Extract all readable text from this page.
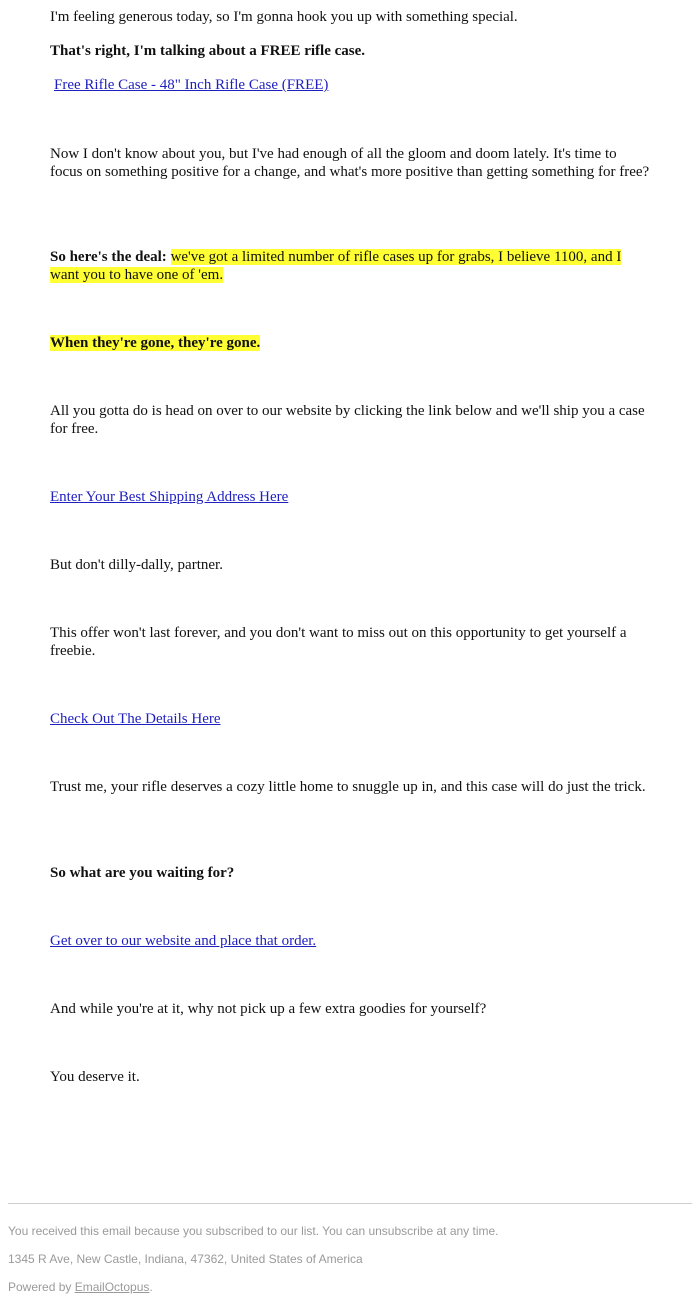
I'm feeling generous today, so I'm gonna hook you up with something special.

That's right, I'm talking about a FREE rifle case.

Free Rifle Case - 48" Inch Rifle Case (FREE)

Now I don't know about you, but I've had enough of all the gloom and doom lately. It's time to focus on something positive for a change, and what's more positive than getting something for free?

So here's the deal: we've got a limited number of rifle cases up for grabs, I believe 1100, and I want you to have one of 'em.

When they're gone, they're gone.

All you gotta do is head on over to our website by clicking the link below and we'll ship you a case for free.

Enter Your Best Shipping Address Here

But don't dilly-dally, partner.

This offer won't last forever, and you don't want to miss out on this opportunity to get yourself a freebie.

Check Out The Details Here

Trust me, your rifle deserves a cozy little home to snuggle up in, and this case will do just the trick.

So what are you waiting for?

Get over to our website and place that order.

And while you're at it, why not pick up a few extra goodies for yourself?

You deserve it.

You received this email because you subscribed to our list. You can unsubscribe at any time.

1345 R Ave, New Castle, Indiana, 47362, United States of America

Powered by EmailOctopus.
